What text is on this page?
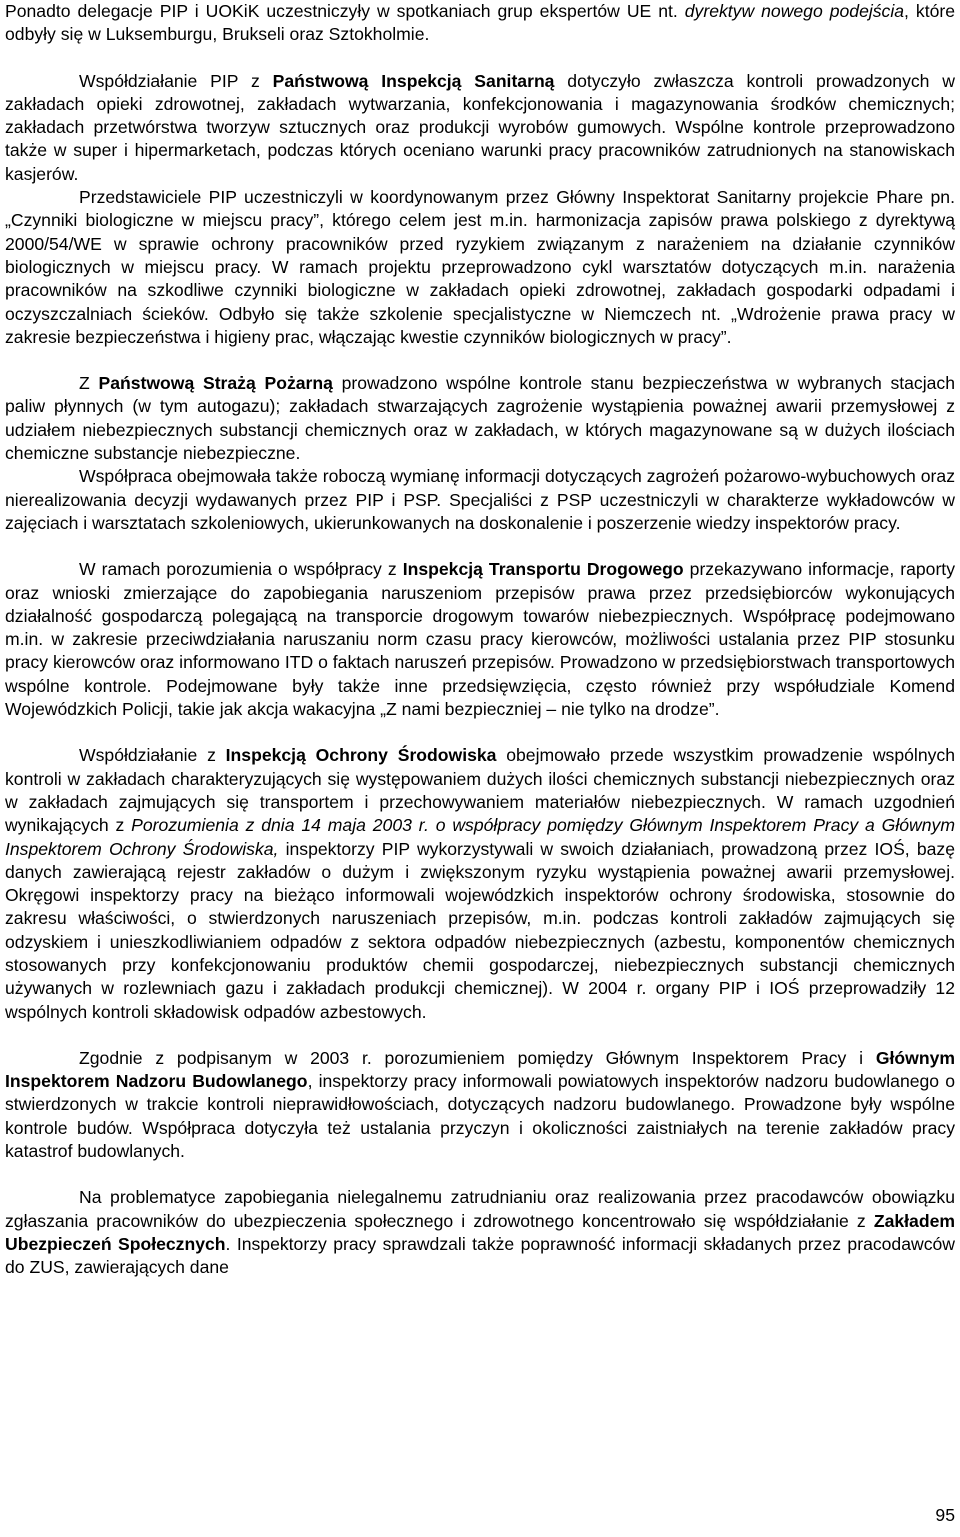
Ponadto delegacje PIP i UOKiK uczestniczyły w spotkaniach grup ekspertów UE nt. dyrektyw nowego podejścia, które odbyły się w Luksemburgu, Brukseli oraz Sztokholmie.

Współdziałanie PIP z Państwową Inspekcją Sanitarną dotyczyło zwłaszcza kontroli prowadzonych w zakładach opieki zdrowotnej, zakładach wytwarzania, konfekcjonowania i magazynowania środków chemicznych; zakładach przetwórstwa tworzyw sztucznych oraz produkcji wyrobów gumowych. Wspólne kontrole przeprowadzono także w super i hipermarketach, podczas których oceniano warunki pracy pracowników zatrudnionych na stanowiskach kasjerów.

Przedstawiciele PIP uczestniczyli w koordynowanym przez Główny Inspektorat Sanitarny projekcie Phare pn. „Czynniki biologiczne w miejscu pracy”, którego celem jest m.in. harmonizacja zapisów prawa polskiego z dyrektywą 2000/54/WE w sprawie ochrony pracowników przed ryzykiem związanym z narażeniem na działanie czynników biologicznych w miejscu pracy. W ramach projektu przeprowadzono cykl warsztatów dotyczących m.in. narażenia pracowników na szkodliwe czynniki biologiczne w zakładach opieki zdrowotnej, zakładach gospodarki odpadami i oczyszczalniach ścieków. Odbyło się także szkolenie specjalistyczne w Niemczech nt. „Wdrożenie prawa pracy w zakresie bezpieczeństwa i higieny prac, włączając kwestie czynników biologicznych w pracy”.

Z Państwową Strażą Pożarną prowadzono wspólne kontrole stanu bezpieczeństwa w wybranych stacjach paliw płynnych (w tym autogazu); zakładach stwarzających zagrożenie wystąpienia poważnej awarii przemysłowej z udziałem niebezpiecznych substancji chemicznych oraz w zakładach, w których magazynowane są w dużych ilościach chemiczne substancje niebezpieczne.

Współpraca obejmowała także roboczą wymianę informacji dotyczących zagrożeń pożarowo-wybuchowych oraz nierealizowania decyzji wydawanych przez PIP i PSP. Specjaliści z PSP uczestniczyli w charakterze wykładowców w zajęciach i warsztatach szkoleniowych, ukierunkowanych na doskonalenie i poszerzenie wiedzy inspektorów pracy.

W ramach porozumienia o współpracy z Inspekcją Transportu Drogowego przekazywano informacje, raporty oraz wnioski zmierzające do zapobiegania naruszeniom przepisów prawa przez przedsiębiorców wykonujących działalność gospodarczą polegającą na transporcie drogowym towarów niebezpiecznych. Współpracę podejmowano m.in. w zakresie przeciwdziałania naruszaniu norm czasu pracy kierowców, możliwości ustalania przez PIP stosunku pracy kierowców oraz informowano ITD o faktach naruszeń przepisów. Prowadzono w przedsiębiorstwach transportowych wspólne kontrole. Podejmowane były także inne przedsięwzięcia, często również przy współudziale Komend Wojewódzkich Policji, takie jak akcja wakacyjna „Z nami bezpieczniej – nie tylko na drodze”.

Współdziałanie z Inspekcją Ochrony Środowiska obejmowało przede wszystkim prowadzenie wspólnych kontroli w zakładach charakteryzujących się występowaniem dużych ilości chemicznych substancji niebezpiecznych oraz w zakładach zajmujących się transportem i przechowywaniem materiałów niebezpiecznych. W ramach uzgodnień wynikających z Porozumienia z dnia 14 maja 2003 r. o współpracy pomiędzy Głównym Inspektorem Pracy a Głównym Inspektorem Ochrony Środowiska, inspektorzy PIP wykorzystywali w swoich działaniach, prowadzoną przez IOŚ, bazę danych zawierającą rejestr zakładów o dużym i zwiększonym ryzyku wystąpienia poważnej awarii przemysłowej. Okręgowi inspektorzy pracy na bieżąco informowali wojewódzkich inspektorów ochrony środowiska, stosownie do zakresu właściwości, o stwierdzonych naruszeniach przepisów, m.in. podczas kontroli zakładów zajmujących się odzyskiem i unieszkodliwianiem odpadów z sektora odpadów niebezpiecznych (azbestu, komponentów chemicznych stosowanych przy konfekcjonowaniu produktów chemii gospodarczej, niebezpiecznych substancji chemicznych używanych w rozlewniach gazu i zakładach produkcji chemicznej). W 2004 r. organy PIP i IOŚ przeprowadziły 12 wspólnych kontroli składowisk odpadów azbestowych.

Zgodnie z podpisanym w 2003 r. porozumieniem pomiędzy Głównym Inspektorem Pracy i Głównym Inspektorem Nadzoru Budowlanego, inspektorzy pracy informowali powiatowych inspektorów nadzoru budowlanego o stwierdzonych w trakcie kontroli nieprawidłowościach, dotyczących nadzoru budowlanego. Prowadzone były wspólne kontrole budów. Współpraca dotyczyła też ustalania przyczyn i okoliczności zaistniałych na terenie zakładów pracy katastrof budowlanych.

Na problematyce zapobiegania nielegalnemu zatrudnianiu oraz realizowania przez pracodawców obowiązku zgłaszania pracowników do ubezpieczenia społecznego i zdrowotnego koncentrowało się współdziałanie z Zakładem Ubezpieczeń Społecznych. Inspektorzy pracy sprawdzali także poprawność informacji składanych przez pracodawców do ZUS, zawierających dane

95
